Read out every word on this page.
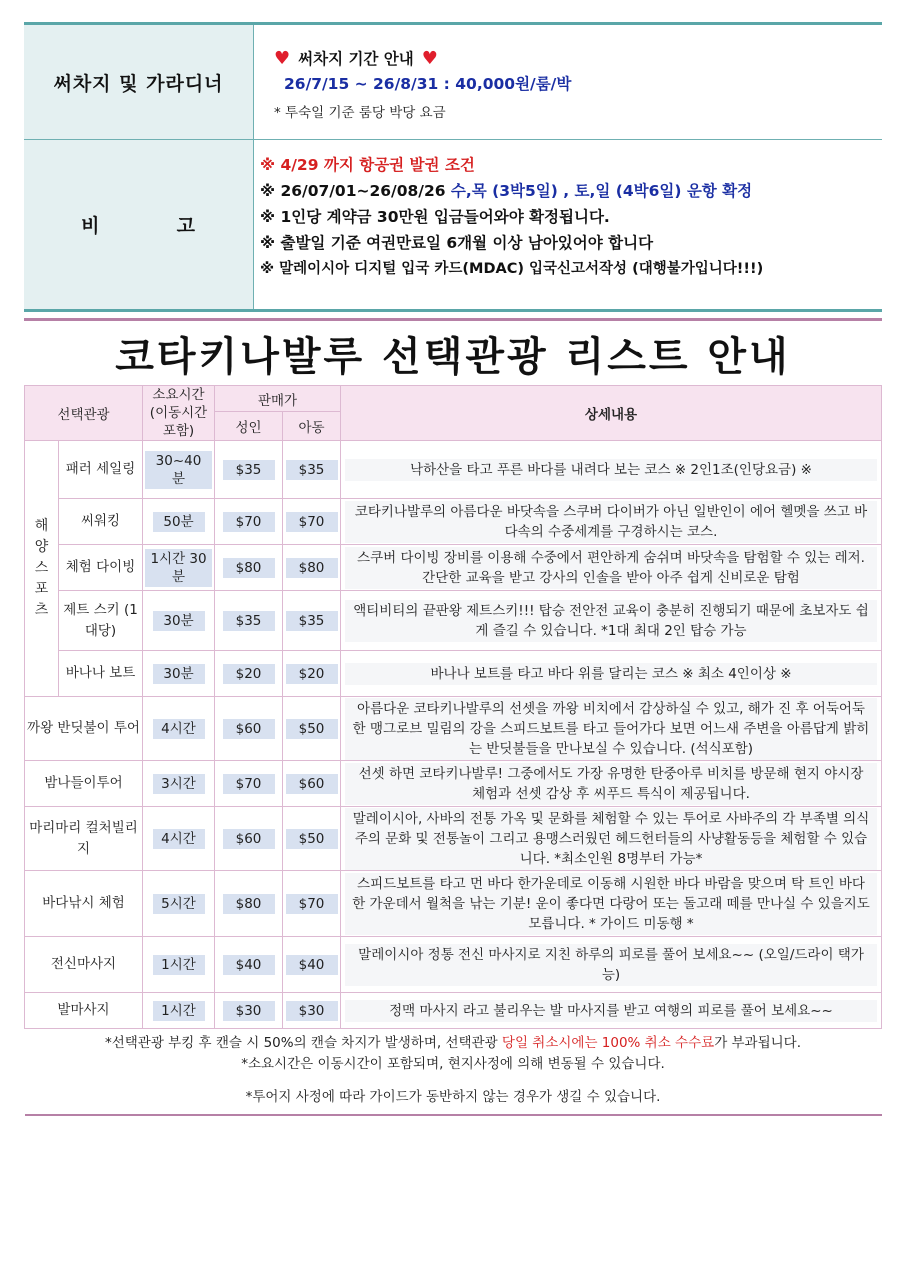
써차지 및 가라디너
♥ 써차지 기간 안내 ♥
26/7/15 ~ 26/8/31 : 40,000원/룸/박
* 투숙일 기준 룸당 박당 요금
비          고
※ 4/29 까지 항공권 발권 조건
※ 26/07/01~26/08/26 수,목 (3박5일) , 토,일 (4박6일) 운항 확정
※ 1인당 계약금 30만원 입금들어와야 확정됩니다.
※ 출발일 기준 여권만료일 6개월 이상 남아있어야 합니다
※ 말레이시아 디지털 입국 카드(MDAC) 입국신고서작성 (대행불가입니다!!!)
코타키나발루 선택관광 리스트 안내
선택관광		소요시간 (이동시간포함)	판매가		상세내용
			성인	아동	

해양스포츠	패러 세일링	30~40분	$35	$35	낙하산을 타고 푸른 바다를 내려다 보는 코스 ※ 2인1조(인당요금) ※

	씨워킹	50분	$70	$70	코타키나발루의 아름다운 바닷속을 스쿠버 다이버가 아닌 일반인이 에어 헬멧을 쓰고 바다속의 수중세계를 구경하시는 코스.

	체험 다이빙	1시간 30분	$80	$80	스쿠버 다이빙 장비를 이용해 수중에서 편안하게 숨쉬며 바닷속을 탐험할 수 있는 레저. 간단한 교육을 받고 강사의 인솔을 받아 아주 쉽게 신비로운 탐험

	제트 스키 (1대당)	30분	$35	$35	액티비티의 끝판왕 제트스키!!! 탑승 전안전 교육이 충분히 진행되기 때문에 초보자도 쉽게 즐길 수 있습니다. *1대 최대 2인 탑승 가능

	바나나 보트	30분	$20	$20	바나나 보트를 타고 바다 위를 달리는 코스 ※ 최소 4인이상 ※

까왕 반딧불이 투어		4시간	$60	$50	아름다운 코타키나발루의 선셋을 까왕 비치에서 감상하실 수 있고, 해가 진 후 어둑어둑한 맹그로브 밀림의 강을 스피드보트를 타고 들어가다 보면 어느새 주변을 아름답게 밝히는 반딧불들을 만나보실 수 있습니다. (석식포함)

밤나들이투어		3시간	$70	$60	선셋 하면 코타키나발루! 그중에서도 가장 유명한 탄중아루 비치를 방문해 현지 야시장 체험과 선셋 감상 후 씨푸드 특식이 제공됩니다.

마리마리 컬처빌리지		4시간	$60	$50	말레이시아, 사바의 전통 가옥 및 문화를 체험할 수 있는 투어로 사바주의 각 부족별 의식주의 문화 및 전통놀이 그리고 용맹스러웠던 헤드헌터들의 사냥활동등을 체험할 수 있습니다. *최소인원 8명부터 가능*

바다낚시 체험		5시간	$80	$70	스피드보트를 타고 먼 바다 한가운데로 이동해 시원한 바다 바람을 맞으며 탁 트인 바다 한 가운데서 월척을 낚는 기분! 운이 좋다면 다랑어 또는 돌고래 떼를 만나실 수 있을지도 모릅니다. * 가이드 미동행 *

전신마사지		1시간	$40	$40	말레이시아 정통 전신 마사지로 지친 하루의 피로를 풀어 보세요~~ (오일/드라이 택가능)

발마사지		1시간	$30	$30	정맥 마사지 라고 불리우는 발 마사지를 받고 여행의 피로를 풀어 보세요~~

*선택관광 부킹 후 캔슬 시 50%의 캔슬 차지가 발생하며, 선택관광 당일 취소시에는 100% 취소 수수료가 부과됩니다.
*소요시간은 이동시간이 포함되며, 현지사정에 의해 변동될 수 있습니다.
*투어지 사정에 따라 가이드가 동반하지 않는 경우가 생길 수 있습니다.					
